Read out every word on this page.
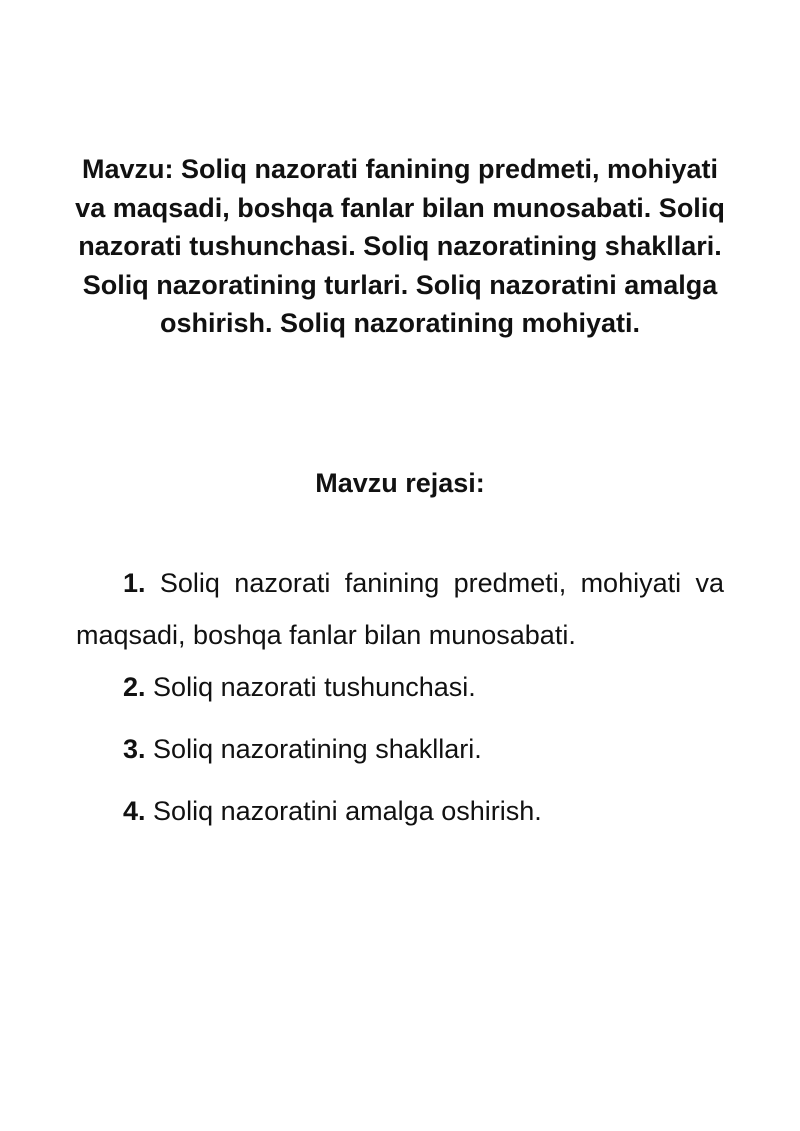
Mavzu: Soliq nazorati fanining predmeti, mohiyati va maqsadi, boshqa fanlar bilan munosabati. Soliq nazorati tushunchasi. Soliq nazoratining shakllari. Soliq nazoratining turlari. Soliq nazoratini amalga oshirish. Soliq nazoratining mohiyati.
Mavzu rejasi:
1. Soliq nazorati fanining predmeti, mohiyati va maqsadi, boshqa fanlar bilan munosabati.
2. Soliq nazorati tushunchasi.
3. Soliq nazoratining shakllari.
4. Soliq nazoratini amalga oshirish.
